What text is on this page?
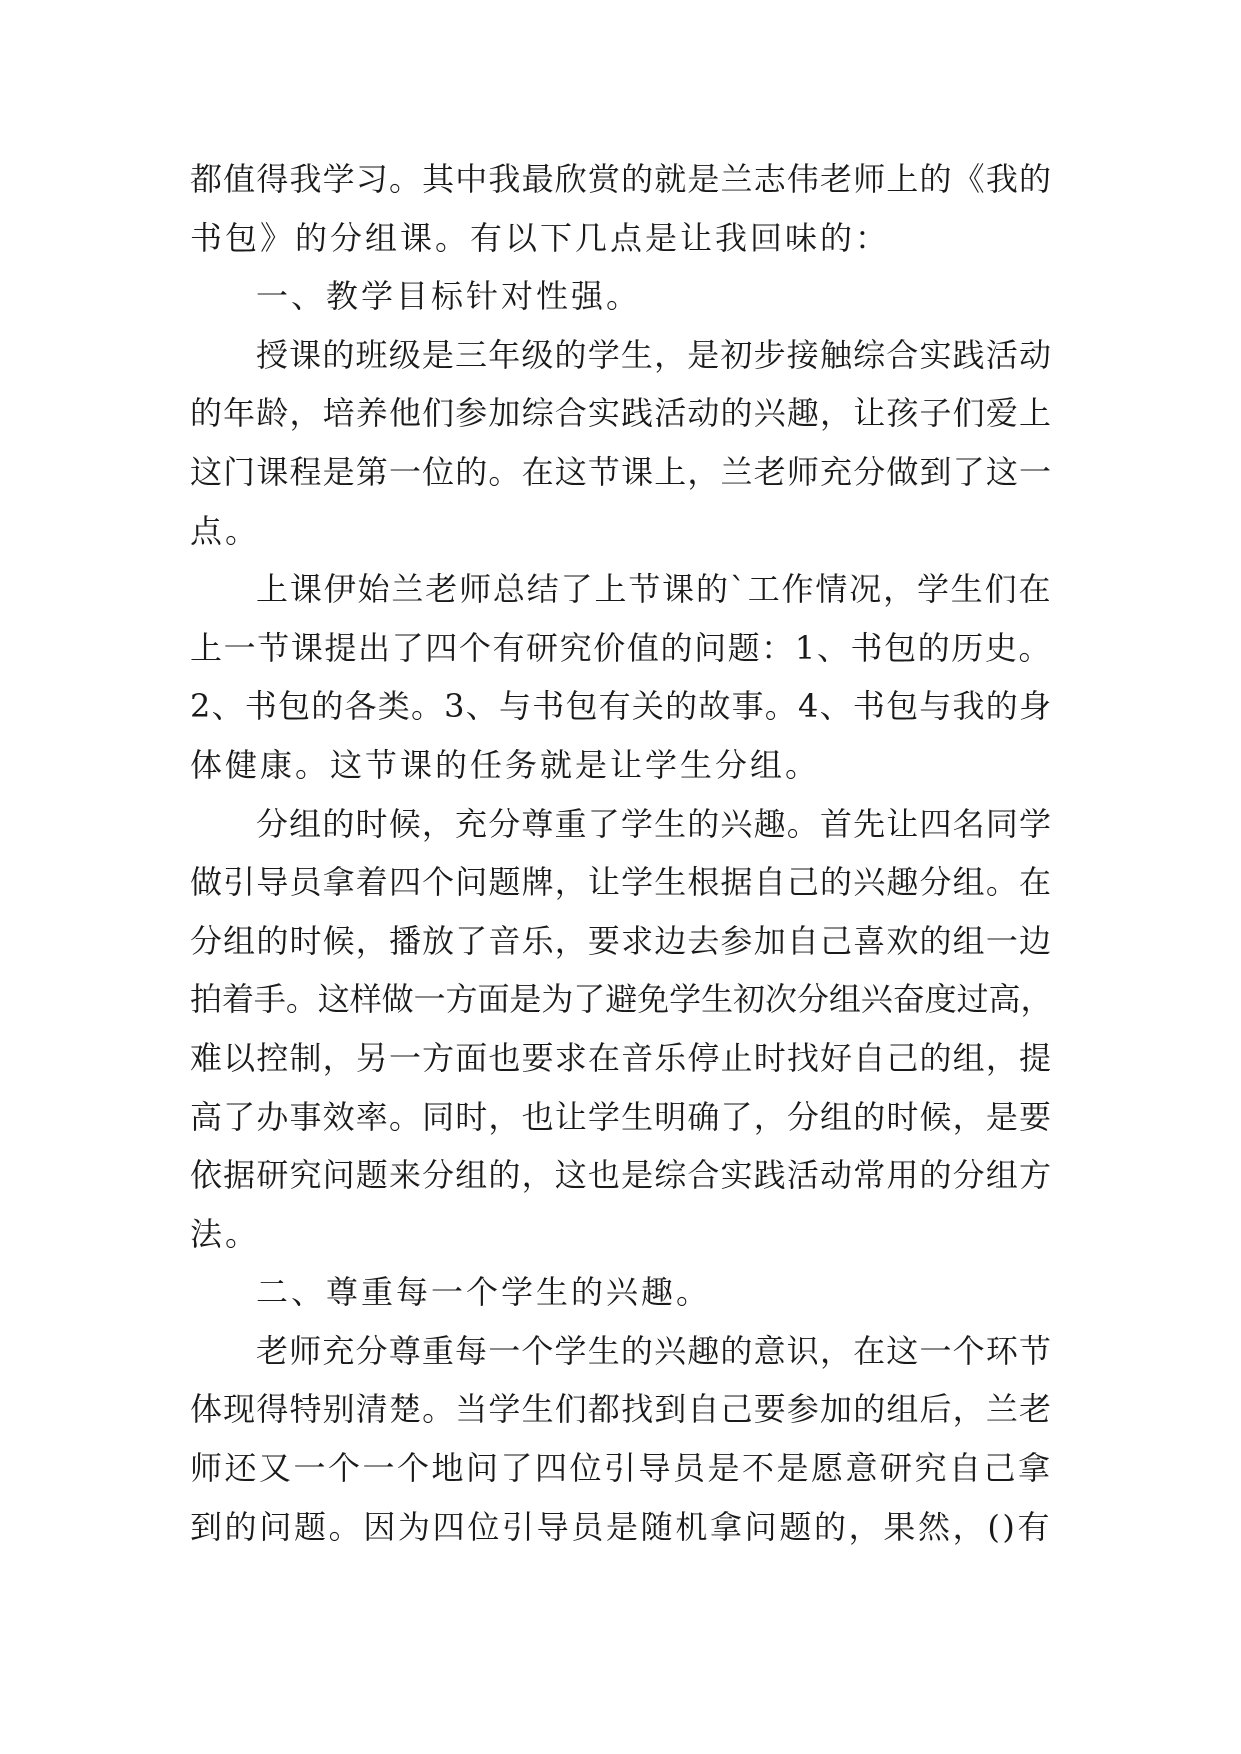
都值得我学习。其中我最欣赏的就是兰志伟老师上的《我的
书包》的分组课。有以下几点是让我回味的：
一、教学目标针对性强。
授课的班级是三年级的学生，是初步接触综合实践活动
的年龄，培养他们参加综合实践活动的兴趣，让孩子们爱上
这门课程是第一位的。在这节课上，兰老师充分做到了这一
点。
上课伊始兰老师总结了上节课的`工作情况，学生们在
上一节课提出了四个有研究价值的问题：1、书包的历史。
2、书包的各类。3、与书包有关的故事。4、书包与我的身
体健康。这节课的任务就是让学生分组。
分组的时候，充分尊重了学生的兴趣。首先让四名同学
做引导员拿着四个问题牌，让学生根据自己的兴趣分组。在
分组的时候，播放了音乐，要求边去参加自己喜欢的组一边
拍着手。这样做一方面是为了避免学生初次分组兴奋度过高，
难以控制，另一方面也要求在音乐停止时找好自己的组，提
高了办事效率。同时，也让学生明确了，分组的时候，是要
依据研究问题来分组的，这也是综合实践活动常用的分组方
法。
二、尊重每一个学生的兴趣。
老师充分尊重每一个学生的兴趣的意识，在这一个环节
体现得特别清楚。当学生们都找到自己要参加的组后，兰老
师还又一个一个地问了四位引导员是不是愿意研究自己拿
到的问题。因为四位引导员是随机拿问题的，果然，()有
